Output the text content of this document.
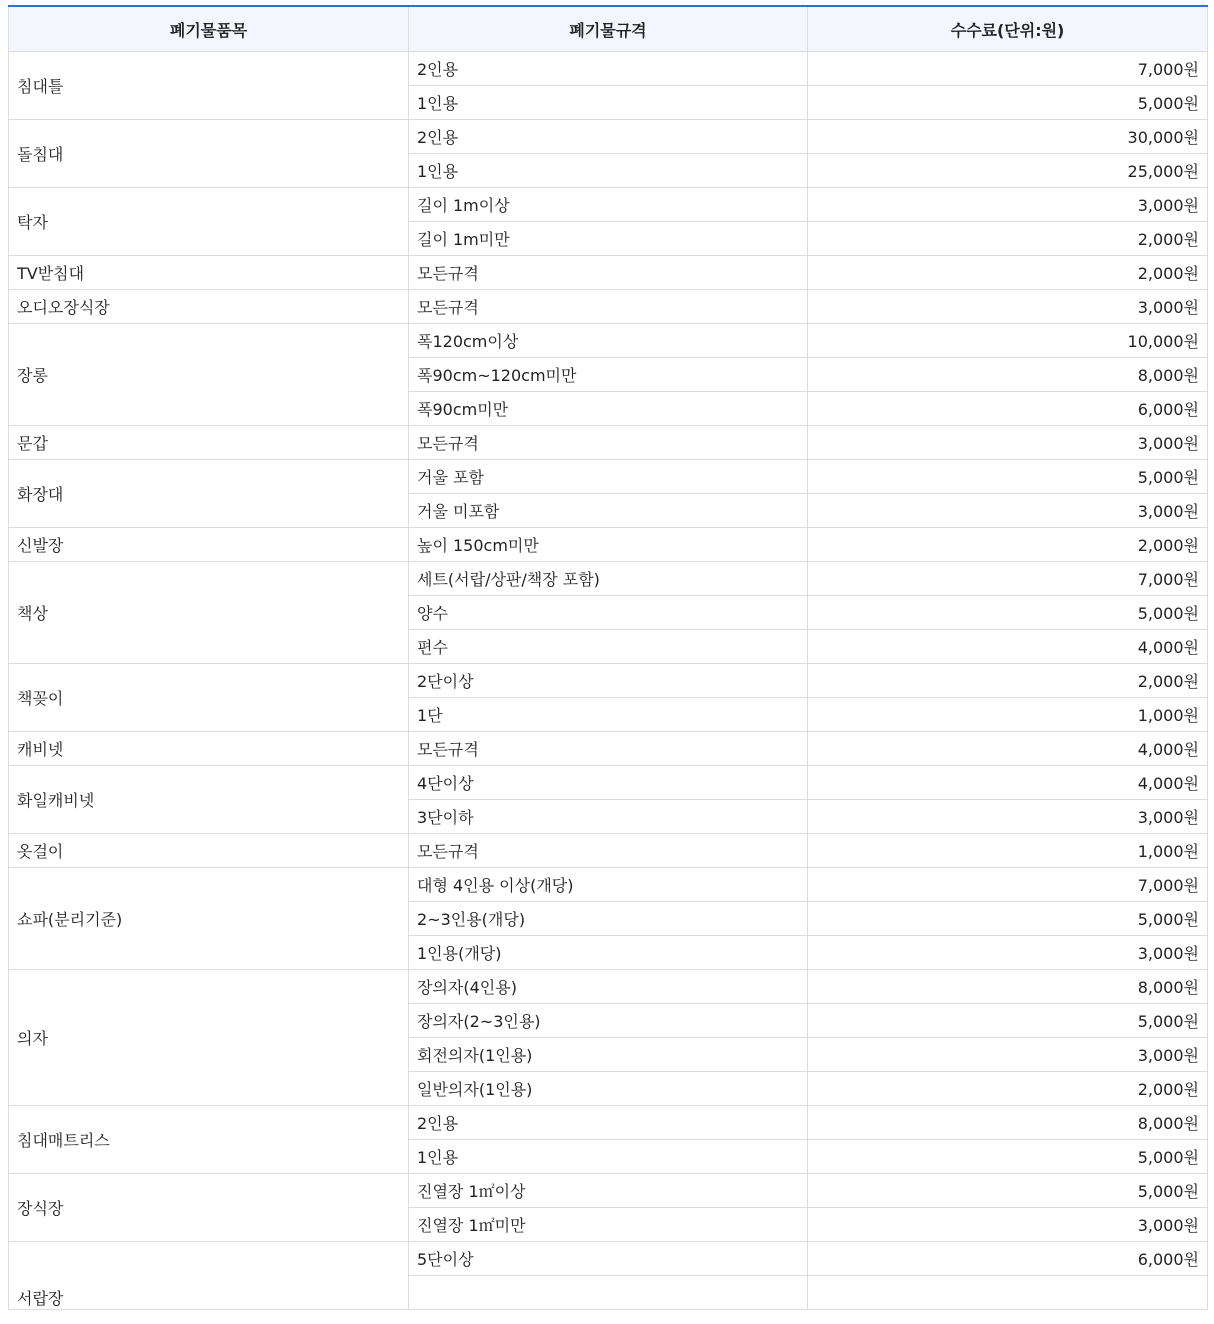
폐기물품목	폐기물규격	수수료(단위:원)
침대틀	2인용	7,000원
	1인용	5,000원
돌침대	2인용	30,000원
	1인용	25,000원
탁자	길이 1m이상	3,000원
	길이 1m미만	2,000원
TV받침대	모든규격	2,000원
오디오장식장	모든규격	3,000원
장롱	폭120cm이상	10,000원
	폭90cm~120cm미만	8,000원
	폭90cm미만	6,000원
문갑	모든규격	3,000원
화장대	거울 포함	5,000원
	거울 미포함	3,000원
신발장	높이 150cm미만	2,000원
책상	세트(서랍/상판/책장 포함)	7,000원
	양수	5,000원
	편수	4,000원
책꽂이	2단이상	2,000원
	1단	1,000원
캐비넷	모든규격	4,000원
화일캐비넷	4단이상	4,000원
	3단이하	3,000원
옷걸이	모든규격	1,000원
쇼파(분리기준)	대형 4인용 이상(개당)	7,000원
	2~3인용(개당)	5,000원
	1인용(개당)	3,000원
의자	장의자(4인용)	8,000원
	장의자(2~3인용)	5,000원
	회전의자(1인용)	3,000원
	일반의자(1인용)	2,000원
침대매트리스	2인용	8,000원
	1인용	5,000원
장식장	진열장 1㎡이상	5,000원
	진열장 1㎡미만	3,000원
서랍장	5단이상	6,000원
